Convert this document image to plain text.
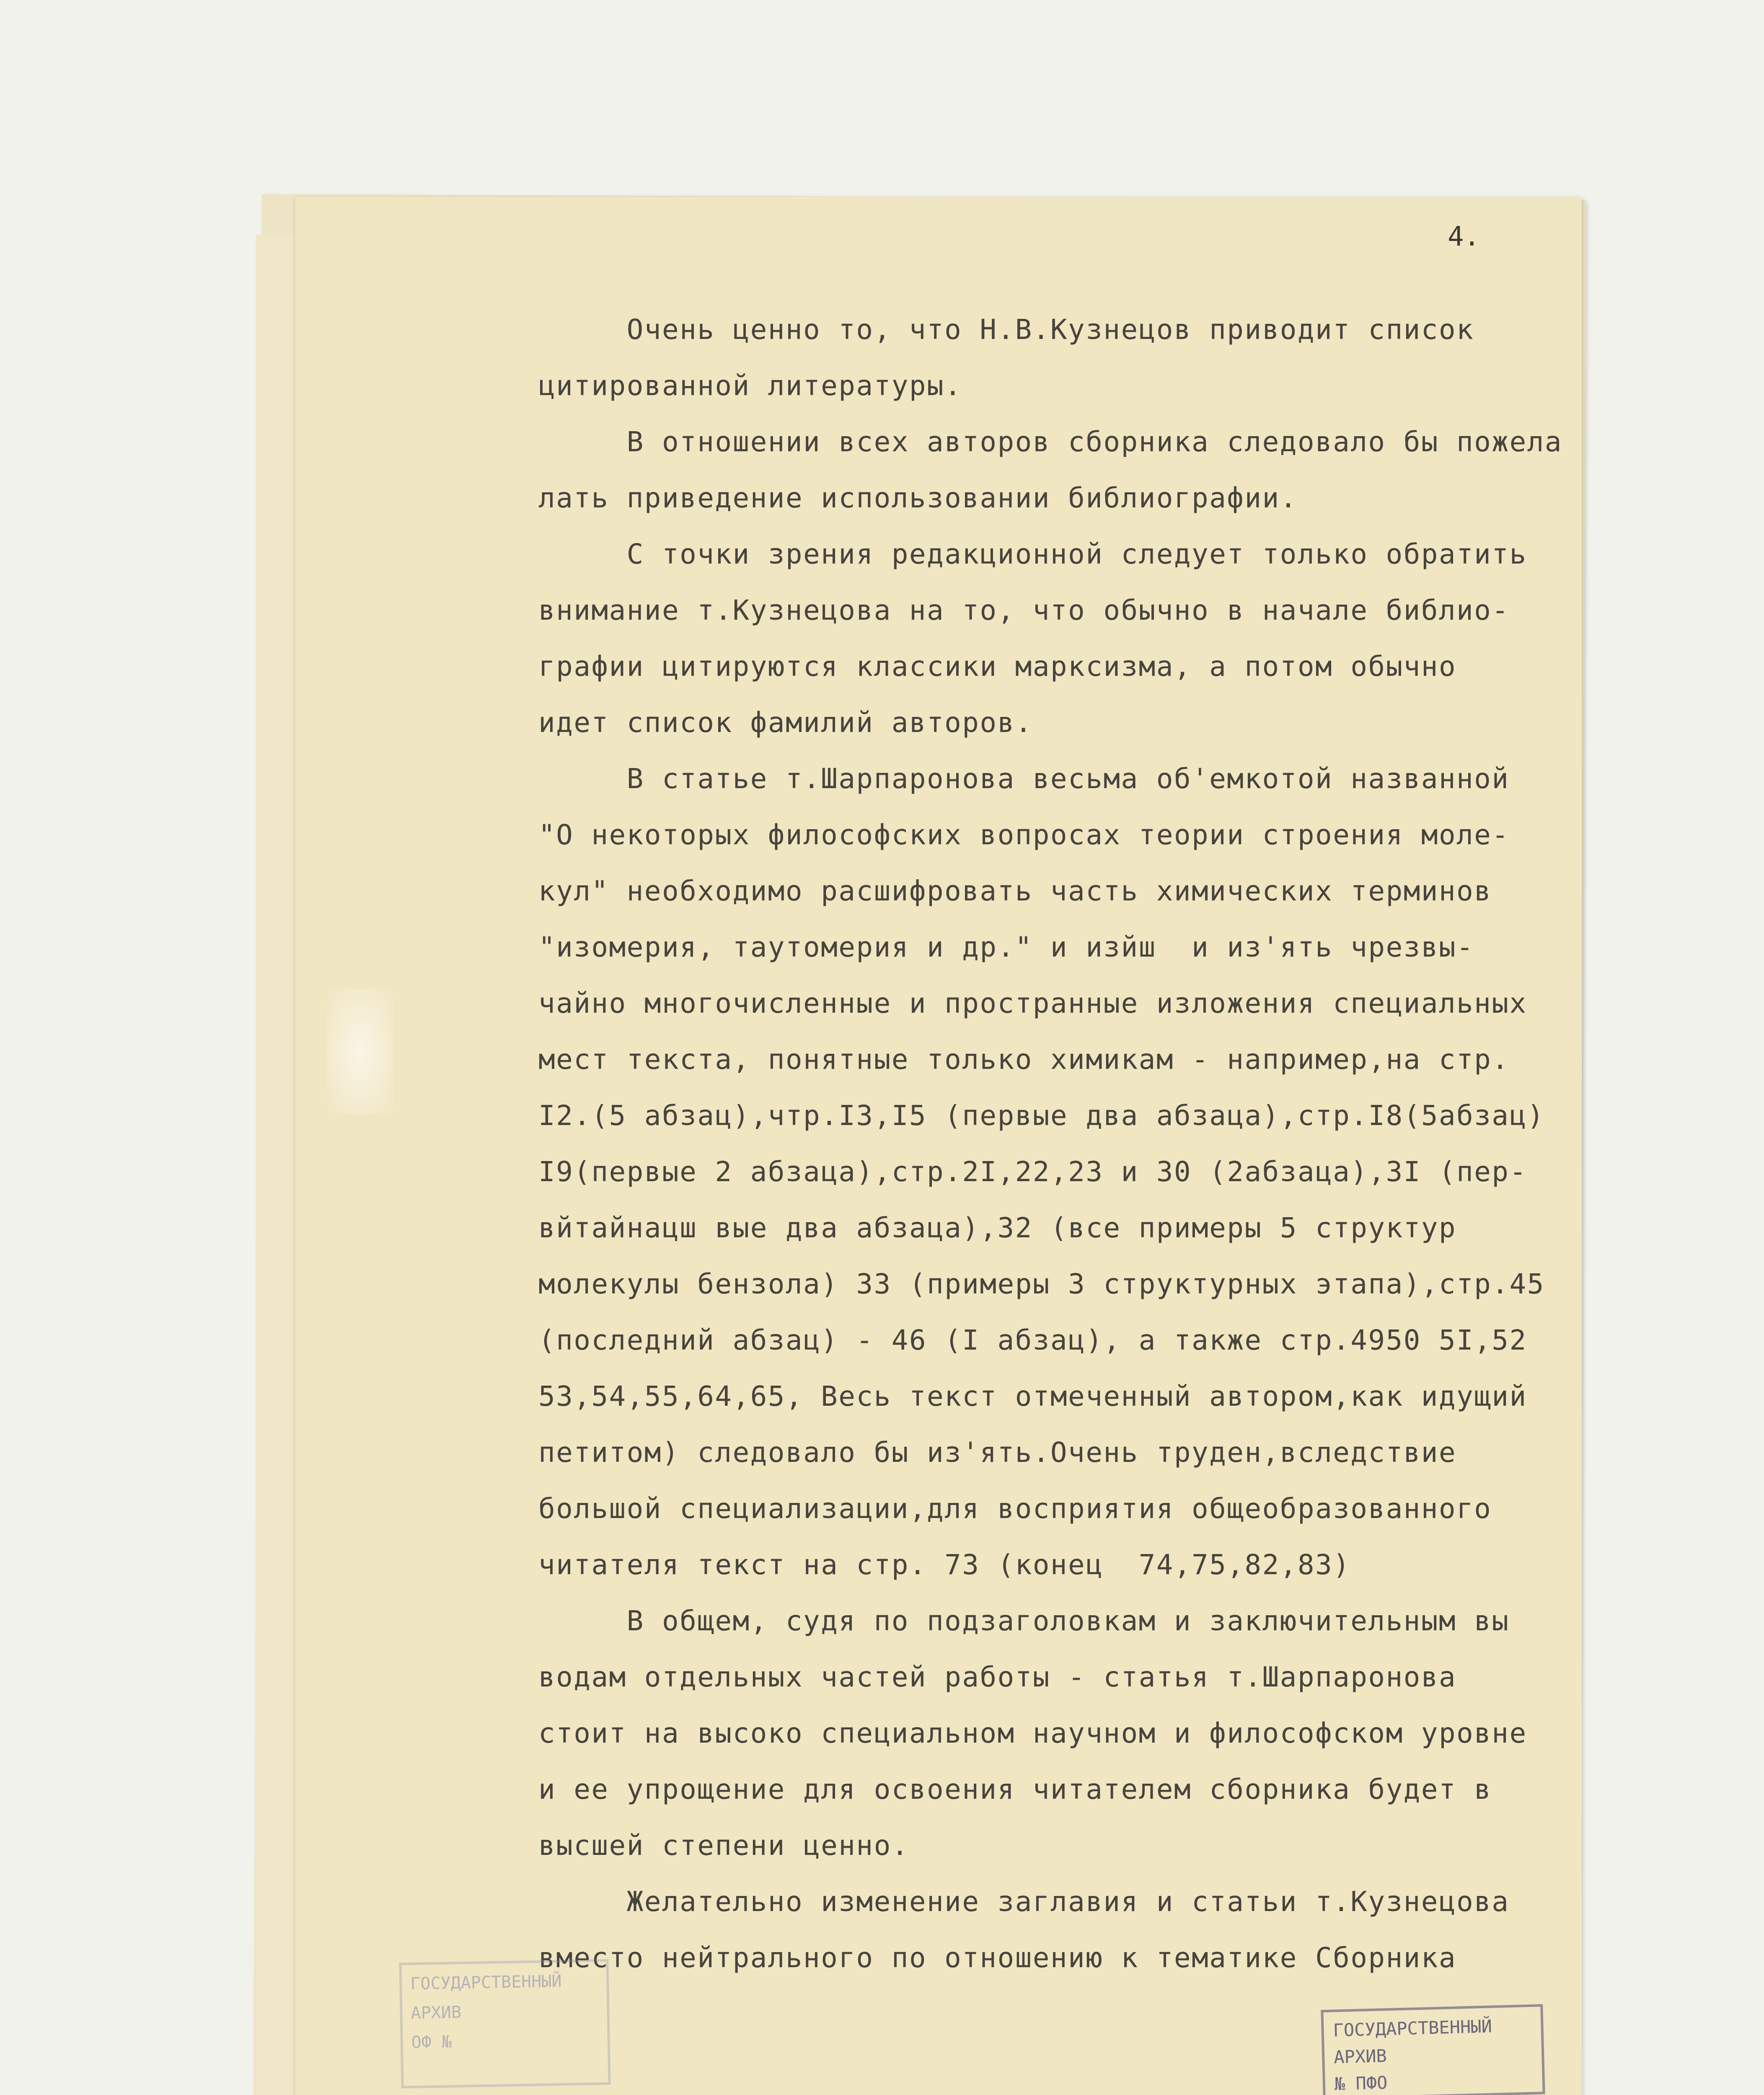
4.
Очень ценно то, что Н.В.Кузнецов приводит список
цитированной литературы.
В отношении всех авторов сборника следовало бы пожела
лать приведение использовании библиографии.
С точки зрения редакционной следует только обратить
внимание т.Кузнецова на то, что обычно в начале библио-
графии цитируются классики марксизма, а потом обычно
идет список фамилий авторов.
В статье т.Шарпаронова весьма об'емкотой названной
"О некоторых философских вопросах теории строения моле-
кул" необходимо расшифровать часть химических терминов
"изомерия, таутомерия и др." и изйш  и из'ять чрезвы-
чайно многочисленные и пространные изложения специальных
мест текста, понятные только химикам - например,на стр.
I2.(5 абзац),чтр.I3,I5 (первые два абзаца),стр.I8(5абзац)
I9(первые 2 абзаца),стр.2I,22,23 и 30 (2абзаца),3I (пер-
вйтайнацш вые два абзаца),32 (все примеры 5 структур
молекулы бензола) 33 (примеры 3 структурных этапа),стр.45
(последний абзац) - 46 (I абзац), а также стр.4950 5I,52
53,54,55,64,65, Весь текст отмеченный автором,как идущий
петитом) следовало бы из'ять.Очень труден,вследствие
большой специализации,для восприятия общеобразованного
читателя текст на стр. 73 (конец  74,75,82,83)
В общем, судя по подзаголовкам и заключительным вы
водам отдельных частей работы - статья т.Шарпаронова
стоит на высоко специальном научном и философском уровне
и ее упрощение для освоения читателем сборника будет в
высшей степени ценно.
Желательно изменение заглавия и статьи т.Кузнецова
вместо нейтрального по отношению к тематике Сборника
ГОСУДАРСТВЕННЫЙ
АРХИВ
ОФ №
ГОСУДАРСТВЕННЫЙ
АРХИВ
№ ПФО
